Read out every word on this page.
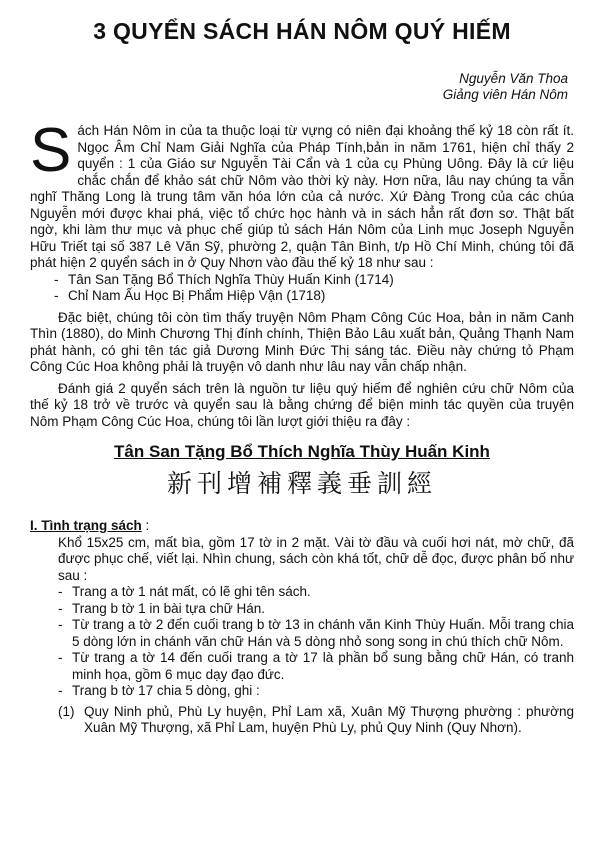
3 QUYỂN SÁCH HÁN NÔM QUÝ HIẾM
Nguyễn Văn Thoa
Giảng viên Hán Nôm

Sách Hán Nôm in của ta thuộc loại từ vựng có niên đại khoảng thế kỷ 18 còn rất ít. Ngọc Âm Chỉ Nam Giải Nghĩa của Pháp Tính,bản in năm 1761, hiện chỉ thấy 2 quyển : 1 của Giáo sư Nguyễn Tài Cẩn và 1 của cụ Phùng Uông. Đây là cứ liệu chắc chắn để khảo sát chữ Nôm vào thời kỳ này. Hơn nữa, lâu nay chúng ta vẫn nghĩ Thăng Long là trung tâm văn hóa lớn của cả nước. Xứ Đàng Trong của các chúa Nguyễn mới được khai phá, việc tổ chức học hành và in sách hẳn rất đơn sơ. Thật bất ngờ, khi làm thư mục và phục chế giúp tủ sách Hán Nôm của Linh mục Joseph Nguyễn Hữu Triết tại số 387 Lê Văn Sỹ, phường 2, quận Tân Bình, t/p Hồ Chí Minh, chúng tôi đã phát hiện 2 quyển sách in ở Quy Nhơn vào đầu thế kỷ 18 như sau :

- Tân San Tặng Bổ Thích Nghĩa Thùy Huấn Kinh (1714)
- Chỉ Nam Ấu Học Bị Phẩm Hiệp Vận (1718)

Đặc biệt, chúng tôi còn tìm thấy truyện Nôm Phạm Công Cúc Hoa, bản in năm Canh Thìn (1880), do Minh Chương Thị đính chính, Thiện Bảo Lâu xuất bản, Quảng Thạnh Nam phát hành, có ghi tên tác giả Dương Minh Đức Thị sáng tác. Điều này chứng tỏ Phạm Công Cúc Hoa không phải là truyện vô danh như lâu nay vẫn chấp nhận.

Đánh giá 2 quyển sách trên là nguồn tư liệu quý hiếm để nghiên cứu chữ Nôm của thế kỷ 18 trở về trước và quyển sau là bằng chứng để biện minh tác quyền của truyện Nôm Phạm Công Cúc Hoa, chúng tôi lần lượt giới thiệu ra đây :

Tân San Tặng Bổ Thích Nghĩa Thùy Huấn Kinh
新刊增補釋義垂訓經

I. Tình trạng sách :

Khổ 15x25 cm, mất bìa, gồm 17 tờ in 2 mặt. Vài tờ đầu và cuối hơi nát, mờ chữ, đã được phục chế, viết lại. Nhìn chung, sách còn khá tốt, chữ dễ đọc, được phân bố như sau :

- Trang a tờ 1 nát mất, có lẽ ghi tên sách.
- Trang b tờ 1 in bài tựa chữ Hán.
- Từ trang a tờ 2 đến cuối trang b tờ 13 in chánh văn Kinh Thùy Huấn. Mỗi trang chia 5 dòng lớn in chánh văn chữ Hán và 5 dòng nhỏ song song in chú thích chữ Nôm.
- Từ trang a tờ 14 đến cuối trang a tờ 17 là phần bổ sung bằng chữ Hán, có tranh minh họa, gồm 6 mục dạy đạo đức.
- Trang b tờ 17 chia 5 dòng, ghi :
(1) Quy Ninh phủ, Phù Ly huyện, Phỉ Lam xã, Xuân Mỹ Thượng phường : phường Xuân Mỹ Thượng, xã Phỉ Lam, huyện Phù Ly, phủ Quy Ninh (Quy Nhơn).
